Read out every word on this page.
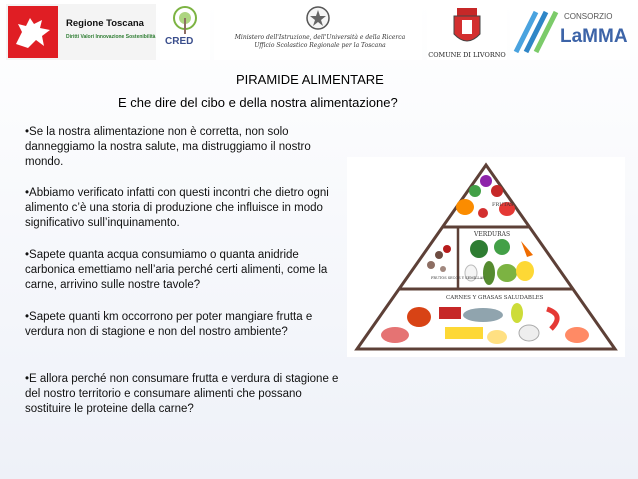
Regione Toscana
Diritti Valori Innovazione Sostenibilità CRED	Ministero dell'Istruzione, dell'Università e della Ricerca
Ufficio Scolastico Regionale per la Toscana
COMUNE DI LIVORNO
CONSORZIO
LaMMA
PIRAMIDE ALIMENTARE
E che dire del cibo e della nostra alimentazione?
•Se la nostra alimentazione non è corretta, non solo danneggiamo la nostra salute, ma distruggiamo il nostro mondo.
•Abbiamo verificato infatti con questi incontri che dietro ogni alimento c’è una storia di produzione che influisce in modo significativo sull’inquinamento.
•Sapete quanta acqua consumiamo o quanta anidride carbonica emettiamo nell’aria perché certi alimenti, come la carne, arrivino sulle nostre tavole?
•Sapete quanti km occorrono per poter mangiare frutta e verdura non di stagione e non del nostro ambiente?
•E allora perché non consumare frutta e verdura di stagione e del nostro territorio e consumare alimenti che possano sostituire le proteine della carne?
FRUTAS
VERDURAS
FRUTOS SECOS Y SEMILLAS
CARNES Y GRASAS SALUDABLES
